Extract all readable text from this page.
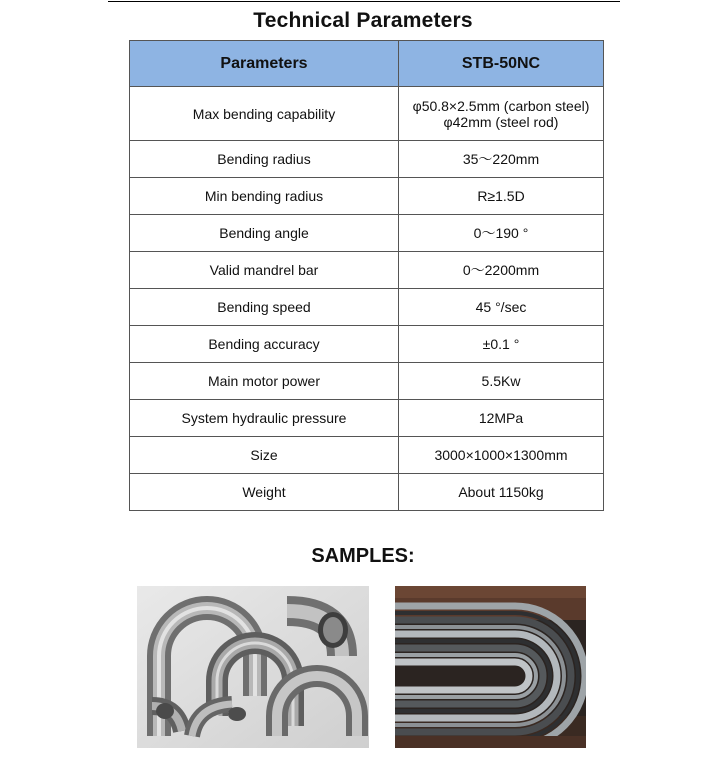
Technical Parameters
Parameters	STB-50NC
Max bending capability	φ50.8×2.5mm (carbon steel)
φ42mm (steel rod)

Bending radius	35～220mm
Min bending radius	R≥1.5D
Bending angle	0～190 °
Valid mandrel bar	0～2200mm
Bending speed	45 °/sec
Bending accuracy	±0.1 °
Main motor power	5.5Kw
System hydraulic pressure	12MPa
Size	3000×1000×1300mm
Weight	About 1150kg
SAMPLES:
